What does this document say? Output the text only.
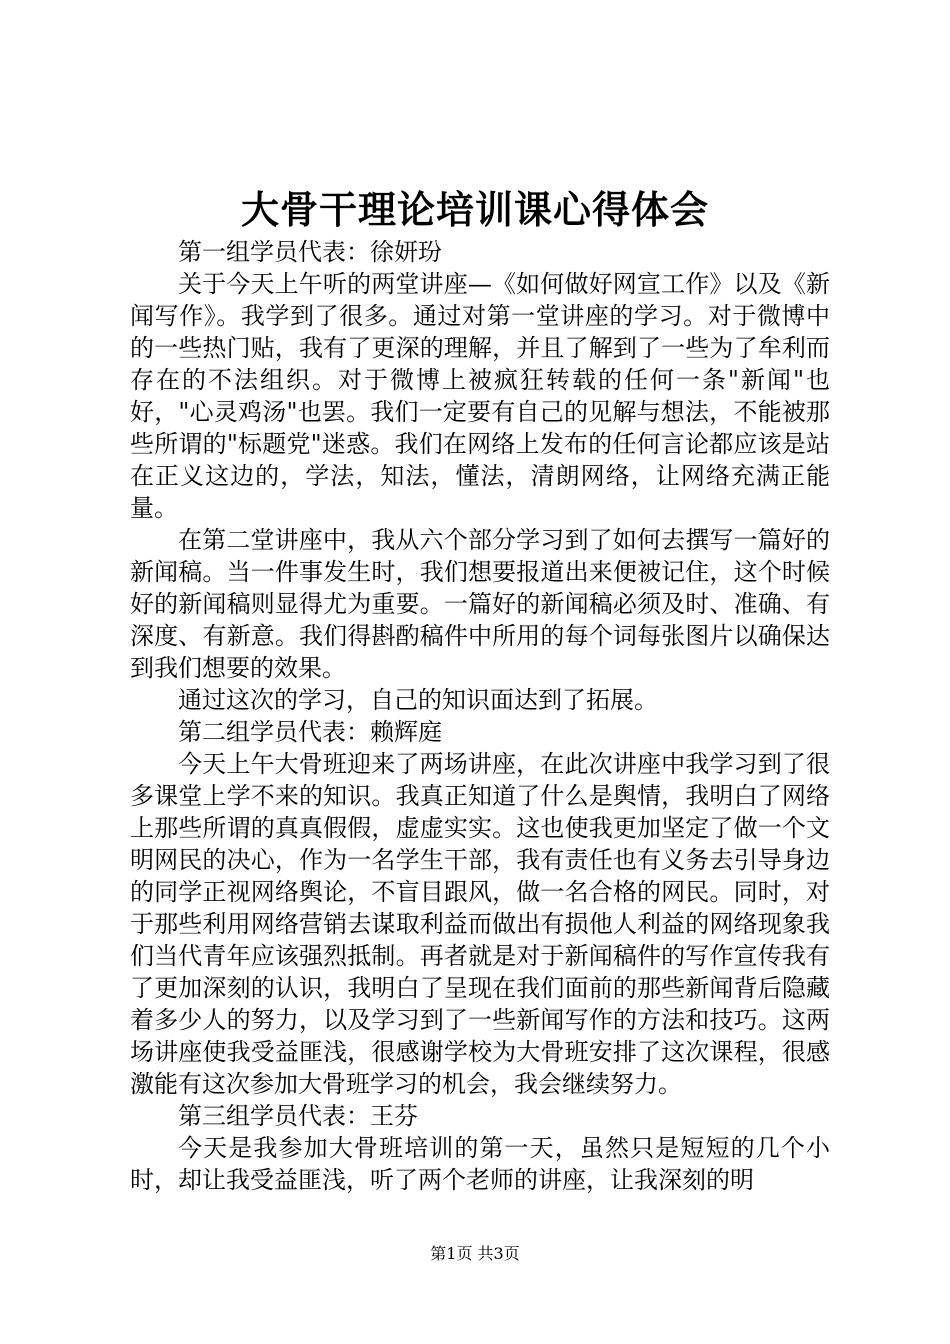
大骨干理论培训课心得体会

第一组学员代表：徐妍玢

关于今天上午听的两堂讲座—《如何做好网宣工作》以及《新闻写作》。我学到了很多。通过对第一堂讲座的学习。对于微博中的一些热门贴，我有了更深的理解，并且了解到了一些为了牟利而存在的不法组织。对于微博上被疯狂转载的任何一条"新闻"也好，"心灵鸡汤"也罢。我们一定要有自己的见解与想法，不能被那些所谓的"标题党"迷惑。我们在网络上发布的任何言论都应该是站在正义这边的，学法，知法，懂法，清朗网络，让网络充满正能量。

在第二堂讲座中，我从六个部分学习到了如何去撰写一篇好的新闻稿。当一件事发生时，我们想要报道出来便被记住，这个时候好的新闻稿则显得尤为重要。一篇好的新闻稿必须及时、准确、有深度、有新意。我们得斟酌稿件中所用的每个词每张图片以确保达到我们想要的效果。

通过这次的学习，自己的知识面达到了拓展。

第二组学员代表：赖辉庭

今天上午大骨班迎来了两场讲座，在此次讲座中我学习到了很多课堂上学不来的知识。我真正知道了什么是舆情，我明白了网络上那些所谓的真真假假，虚虚实实。这也使我更加坚定了做一个文明网民的决心，作为一名学生干部，我有责任也有义务去引导身边的同学正视网络舆论，不盲目跟风，做一名合格的网民。同时，对于那些利用网络营销去谋取利益而做出有损他人利益的网络现象我们当代青年应该强烈抵制。再者就是对于新闻稿件的写作宣传我有了更加深刻的认识，我明白了呈现在我们面前的那些新闻背后隐藏着多少人的努力，以及学习到了一些新闻写作的方法和技巧。这两场讲座使我受益匪浅，很感谢学校为大骨班安排了这次课程，很感激能有这次参加大骨班学习的机会，我会继续努力。

第三组学员代表：王芬

今天是我参加大骨班培训的第一天，虽然只是短短的几个小时，却让我受益匪浅，听了两个老师的讲座，让我深刻的明

第1页 共3页
